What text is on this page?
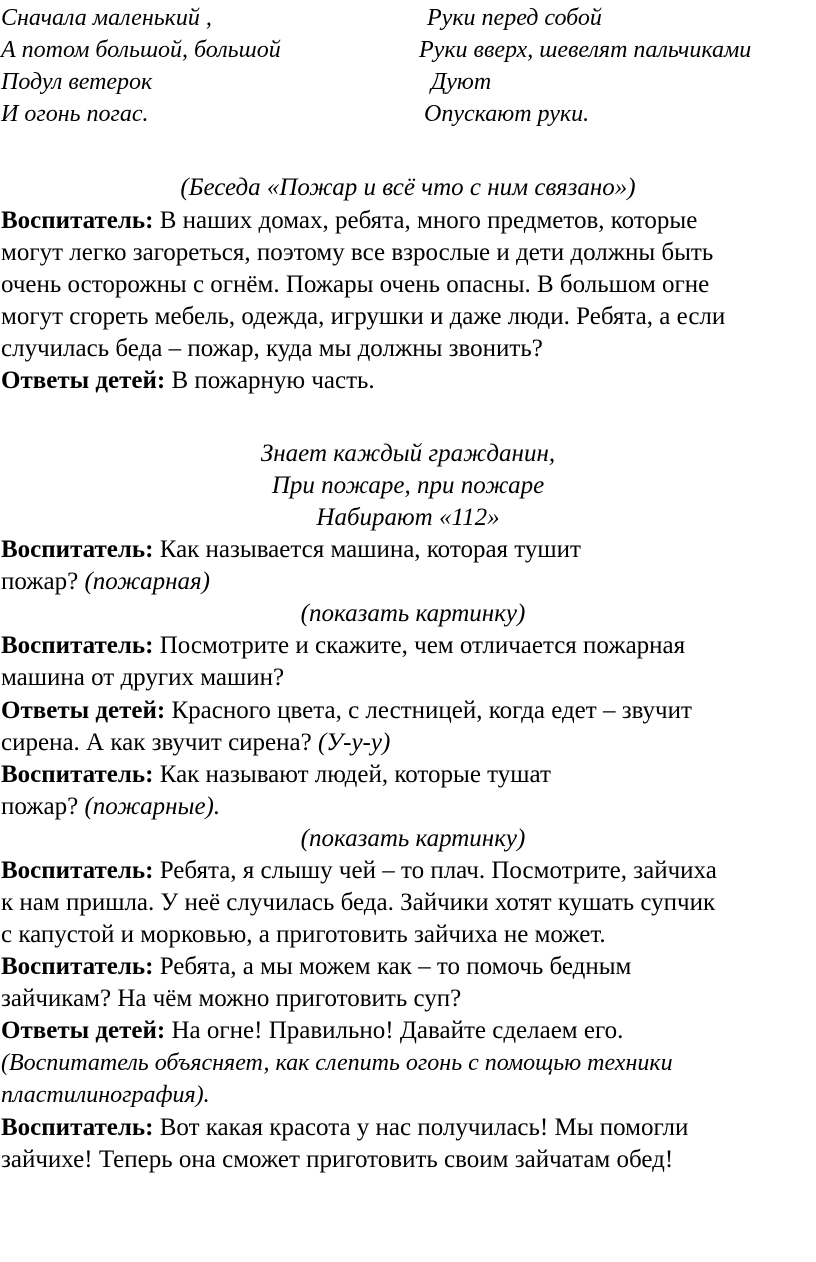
Сначала маленький ,	Руки перед собой
А потом большой, большой	Руки вверх, шевелят пальчиками
Подул ветерок	Дуют
И огонь погас.	Опускают руки.
(Беседа «Пожар и всё что с ним связано»)
Воспитатель: В наших домах, ребята, много предметов, которые
могут легко загореться, поэтому все взрослые и дети должны быть
очень осторожны с огнём. Пожары очень опасны. В большом огне
могут сгореть мебель, одежда, игрушки и даже люди. Ребята, а если
случилась беда – пожар, куда мы должны звонить?
Ответы детей: В пожарную часть.
Знает каждый гражданин,
При пожаре, при пожаре
Набирают «112»
Воспитатель: Как называется машина, которая тушит
пожар? (пожарная)
(показать картинку)
Воспитатель: Посмотрите и скажите, чем отличается пожарная
машина от других машин?
Ответы детей: Красного цвета, с лестницей, когда едет – звучит
сирена. А как звучит сирена? (У-у-у)
Воспитатель: Как называют людей, которые тушат
пожар? (пожарные).
(показать картинку)
Воспитатель: Ребята, я слышу чей – то плач. Посмотрите, зайчиха
к нам пришла. У неё случилась беда. Зайчики хотят кушать супчик
с капустой и морковью, а приготовить зайчиха не может.
Воспитатель: Ребята, а мы можем как – то помочь бедным
зайчикам? На чём можно приготовить суп?
Ответы детей: На огне! Правильно! Давайте сделаем его.
(Воспитатель объясняет, как слепить огонь с помощью техники
пластилинография).
Воспитатель: Вот какая красота у нас получилась! Мы помогли
зайчихе! Теперь она сможет приготовить своим зайчатам обед!
